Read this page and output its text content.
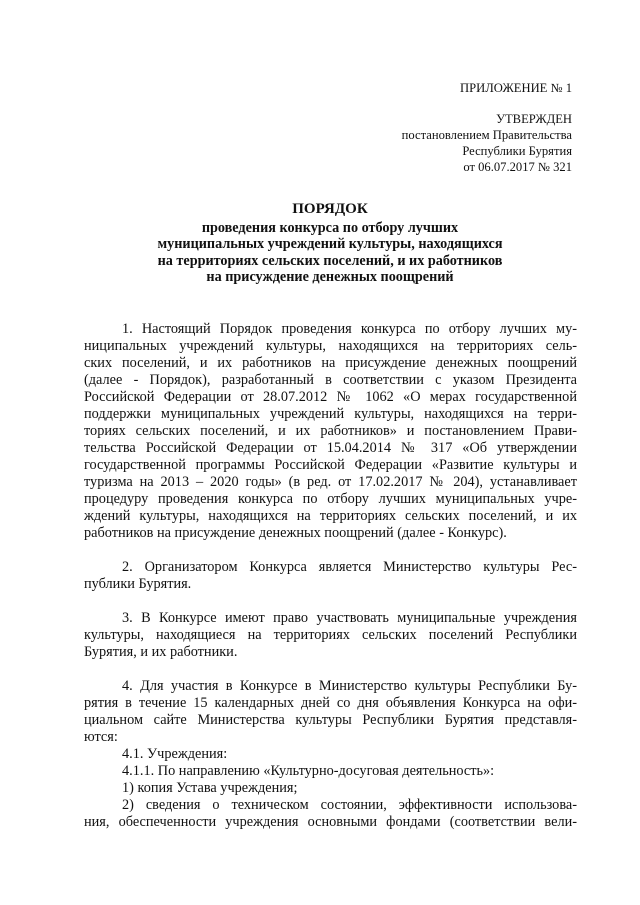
ПРИЛОЖЕНИЕ № 1
УТВЕРЖДЕН
постановлением Правительства
Республики Бурятия
от 06.07.2017 № 321
ПОРЯДОК
проведения конкурса по отбору лучших
муниципальных учреждений культуры, находящихся
на территориях сельских поселений, и их работников
на присуждение денежных поощрений
1. Настоящий Порядок проведения конкурса по отбору лучших му-
ниципальных учреждений культуры, находящихся на территориях сель-
ских поселений, и их работников на присуждение денежных поощрений
(далее - Порядок), разработанный в соответствии с указом Президента
Российской Федерации от 28.07.2012 № 1062 «О мерах государственной
поддержки муниципальных учреждений культуры, находящихся на терри-
ториях сельских поселений, и их работников» и постановлением Прави-
тельства Российской Федерации от 15.04.2014 № 317 «Об утверждении
государственной программы Российской Федерации «Развитие культуры и
туризма на 2013 – 2020 годы» (в ред. от 17.02.2017 № 204), устанавливает
процедуру проведения конкурса по отбору лучших муниципальных учре-
ждений культуры, находящихся на территориях сельских поселений, и их
работников на присуждение денежных поощрений (далее - Конкурс).
2. Организатором Конкурса является Министерство культуры Рес-
публики Бурятия.
3. В Конкурсе имеют право участвовать муниципальные учреждения
культуры, находящиеся на территориях сельских поселений Республики
Бурятия, и их работники.
4. Для участия в Конкурсе в Министерство культуры Республики Бу-
рятия в течение 15 календарных дней со дня объявления Конкурса на офи-
циальном сайте Министерства культуры Республики Бурятия представля-
ются:
4.1. Учреждения:
4.1.1. По направлению «Культурно-досуговая деятельность»:
1) копия Устава учреждения;
2) сведения о техническом состоянии, эффективности использова-
ния, обеспеченности учреждения основными фондами (соответствии вели-
